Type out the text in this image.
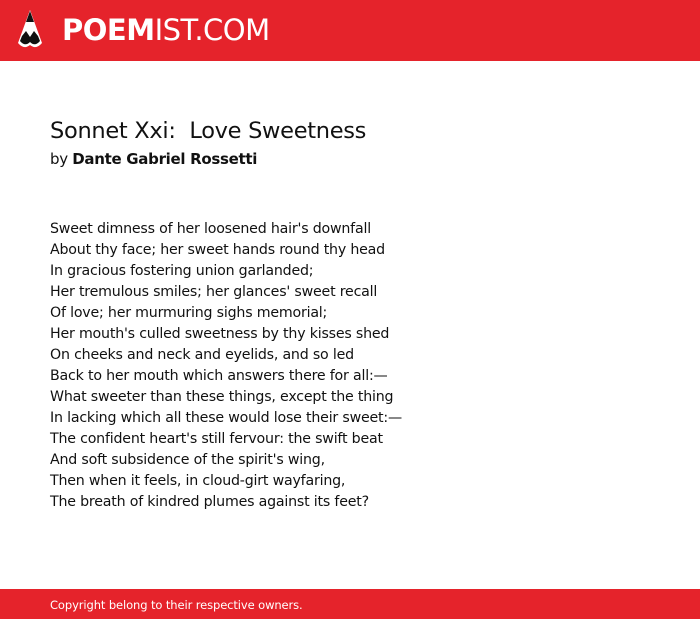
POEMIST.COM
Sonnet Xxi:  Love Sweetness
by Dante Gabriel Rossetti
Sweet dimness of her loosened hair's downfall
About thy face; her sweet hands round thy head
In gracious fostering union garlanded;
Her tremulous smiles; her glances' sweet recall
Of love; her murmuring sighs memorial;
Her mouth's culled sweetness by thy kisses shed
On cheeks and neck and eyelids, and so led
Back to her mouth which answers there for all:—
What sweeter than these things, except the thing
In lacking which all these would lose their sweet:—
The confident heart's still fervour: the swift beat
And soft subsidence of the spirit's wing,
Then when it feels, in cloud-girt wayfaring,
The breath of kindred plumes against its feet?
Copyright belong to their respective owners.
